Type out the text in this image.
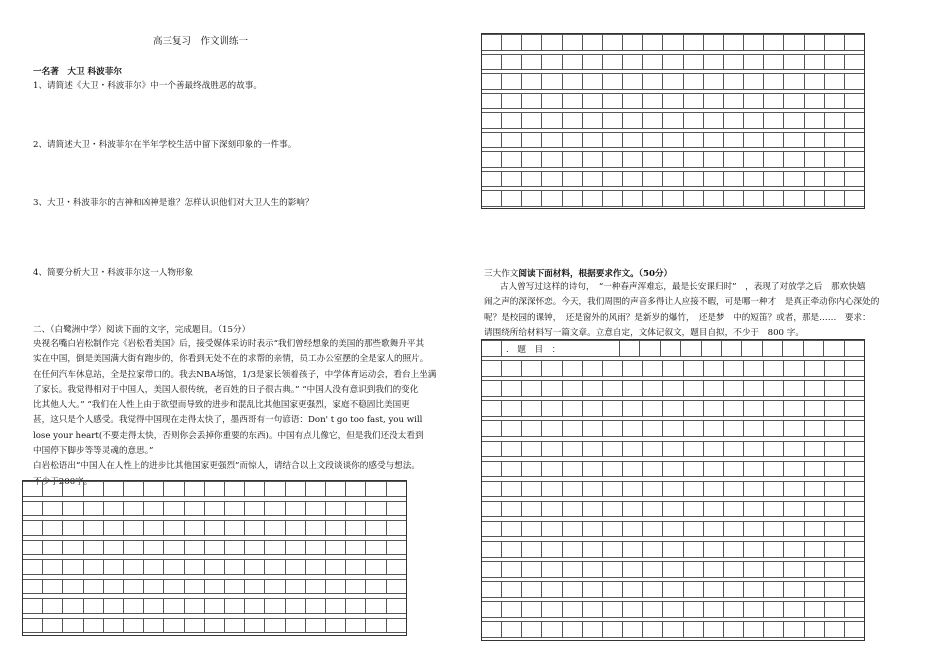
高三复习　作文训练一
一名著　大卫 科波菲尔
1、请简述《大卫・科波菲尔》中一个善最终战胜恶的故事。
2、请简述大卫・科波菲尔在半年学校生活中留下深刻印象的一件事。
3、大卫・科波菲尔的吉神和凶神是谁？怎样认识他们对大卫人生的影响？
4、简要分析大卫・科波菲尔这一人物形象
二、（白鹭洲中学）阅读下面的文字，完成题目。（15分）
央视名嘴白岩松制作完《岩松看美国》后，接受媒体采访时表示“我们曾经想象的美国的那些歌舞升平其
实在中国，倒是美国满大街有跑步的，你看到无处不在的求帮的亲情，员工办公室摆的全是家人的照片。
在任何汽车休息站，全是拉家带口的。我去NBA场馆，1/3是家长领着孩子，中学体育运动会，看台上坐满
了家长。我觉得相对于中国人，美国人很传统，老百姓的日子很古典。” “中国人没有意识到我们的变化
比其他人大。” “我们在人性上由于欲望而导致的进步和混乱比其他国家更强烈，家庭不稳固比美国更
甚，这只是个人感受。我觉得中国现在走得太快了，墨西哥有一句谚语：Don' t go too fast, you will
lose your heart(不要走得太快，否则你会丢掉你重要的东西)。中国有点儿像它，但是我们还没太看到
中国停下脚步等等灵魂的意思。”
白岩松语出“中国人在人性上的进步比其他国家更强烈”而惊人，请结合以上文段谈谈你的感受与想法。
不少于200字。
三大作文阅读下面材料，根据要求作文。（50分）
古人曾写过这样的诗句，　“一种春声浑难忘，最是长安课归时”　，表现了对放学之后　那欢快嬉
闹之声的深深怀恋。今天，我们周围的声音多得让人应接不暇，可是哪一种才　是真正牵动你内心深处的
呢？是校园的课钟，　还是窗外的风雨？是新岁的爆竹，　还是梦　中的短笛？或者，那是……　要求：
请围绕所给材料写一篇文章。立意自定，文体记叙文，题目自拟，不少于　800 字。
.　题　目　：
